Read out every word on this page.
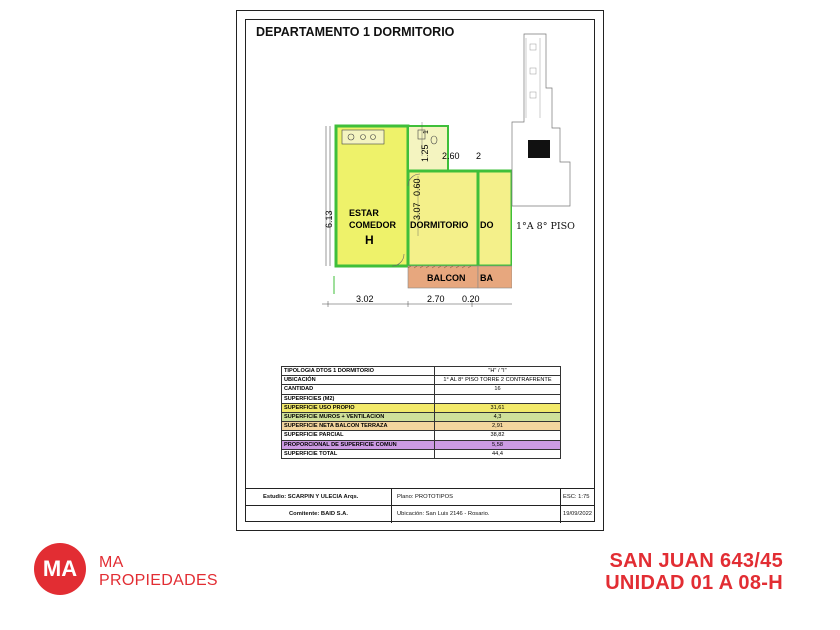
DEPARTAMENTO 1 DORMITORIO
ESTAR
COMEDOR
H
DORMITORIO DO
BALCON BA
6.13
1.25
1
2.60 2
3.07
0.60
3.02	2.70 0.20
1°A 8° PISO
TIPOLOGIA DTOS 1 DORMITORIO	"H" / "I"
UBICACIÓN	1° AL 8° PISO TORRE 2 CONTRAFRENTE
CANTIDAD	16
SUPERFICIES (M2)	
SUPERFICIE USO PROPIO	31,61
SUPERFICIE MUROS + VENTILACION	4,3
SUPERFICIE NETA BALCON TERRAZA	2,91
SUPERFICIE PARCIAL	38,82
PROPORCIONAL DE SUPERFICIE COMUN	5,58
SUPERFICIE TOTAL	44,4
Estudio: SCARPIN Y ULECIA Arqs.	Plano: PROTOTIPOS	ESC: 1:75
Comitente: BAID S.A.	Ubicación: San Luis 2146 - Rosario.	19/09/2022
MA	MA
PROPIEDADES
SAN JUAN 643/45
UNIDAD 01 A 08-H
